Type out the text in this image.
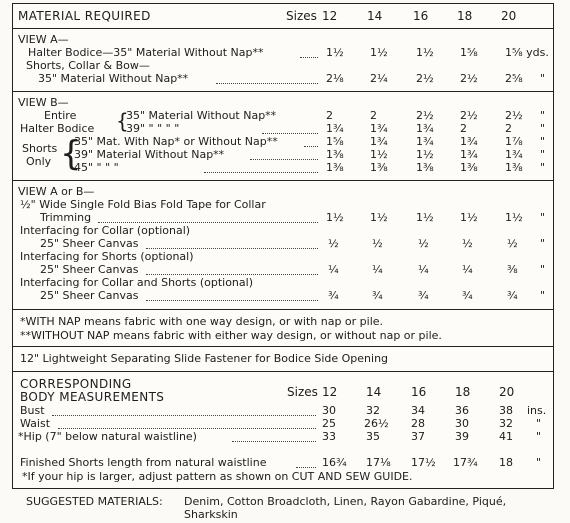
MATERIAL REQUIRED	Sizes 12 14	16 18 20
VIEW A—
Halter Bodice—35" Material Without Nap**	1½ 1½	1½ 1⅝ 1⅝ yds.
Shorts, Collar & Bow—
35" Material Without Nap**	2⅛ 2¼	2½ 2½ 2⅝ "
VIEW B—
Entire
Halter Bodice {
35" Material Without Nap**	2	2	2½ 2½ 2½ "
39" " " " "	1¾ 1¾	1¾ 2	2	"
Shorts
Only {
35" Mat. With Nap* or Without Nap**	1⅝ 1¾	1¾ 1¾ 1⅞ "
39" Material Without Nap**	1⅜ 1½	1½ 1¾ 1¾ "
45" " " "	1⅜ 1⅜	1⅜ 1⅜ 1⅜ "
VIEW A or B—
½" Wide Single Fold Bias Fold Tape for Collar
Trimming	1½ 1½	1½ 1½ 1½ "
Interfacing for Collar (optional)
25" Sheer Canvas	½	½	½	½	½ "
Interfacing for Shorts (optional)
25" Sheer Canvas	¼	¼	¼	¼	⅜ "
Interfacing for Collar and Shorts (optional)
25" Sheer Canvas	¾	¾	¾	¾	¾ "
*WITH NAP means fabric with one way design, or with nap or pile.
**WITHOUT NAP means fabric with either way design, or without nap or pile.
12" Lightweight Separating Slide Fastener for Bodice Side Opening
CORRESPONDING
BODY MEASUREMENTS	Sizes 12 14 16 18 20
Bust	30	32	34	36	38 ins.
Waist	25	26½ 28	30	32 "
*Hip (7" below natural waistline)	33	35	37	39	41 "
Finished Shorts length from natural waistline	16¾ 17⅛ 17½ 17¾ 18 "
*If your hip is larger, adjust pattern as shown on CUT AND SEW GUIDE.
SUGGESTED MATERIALS: Denim, Cotton Broadcloth, Linen, Rayon Gabardine, Piqué,
Sharkskin
